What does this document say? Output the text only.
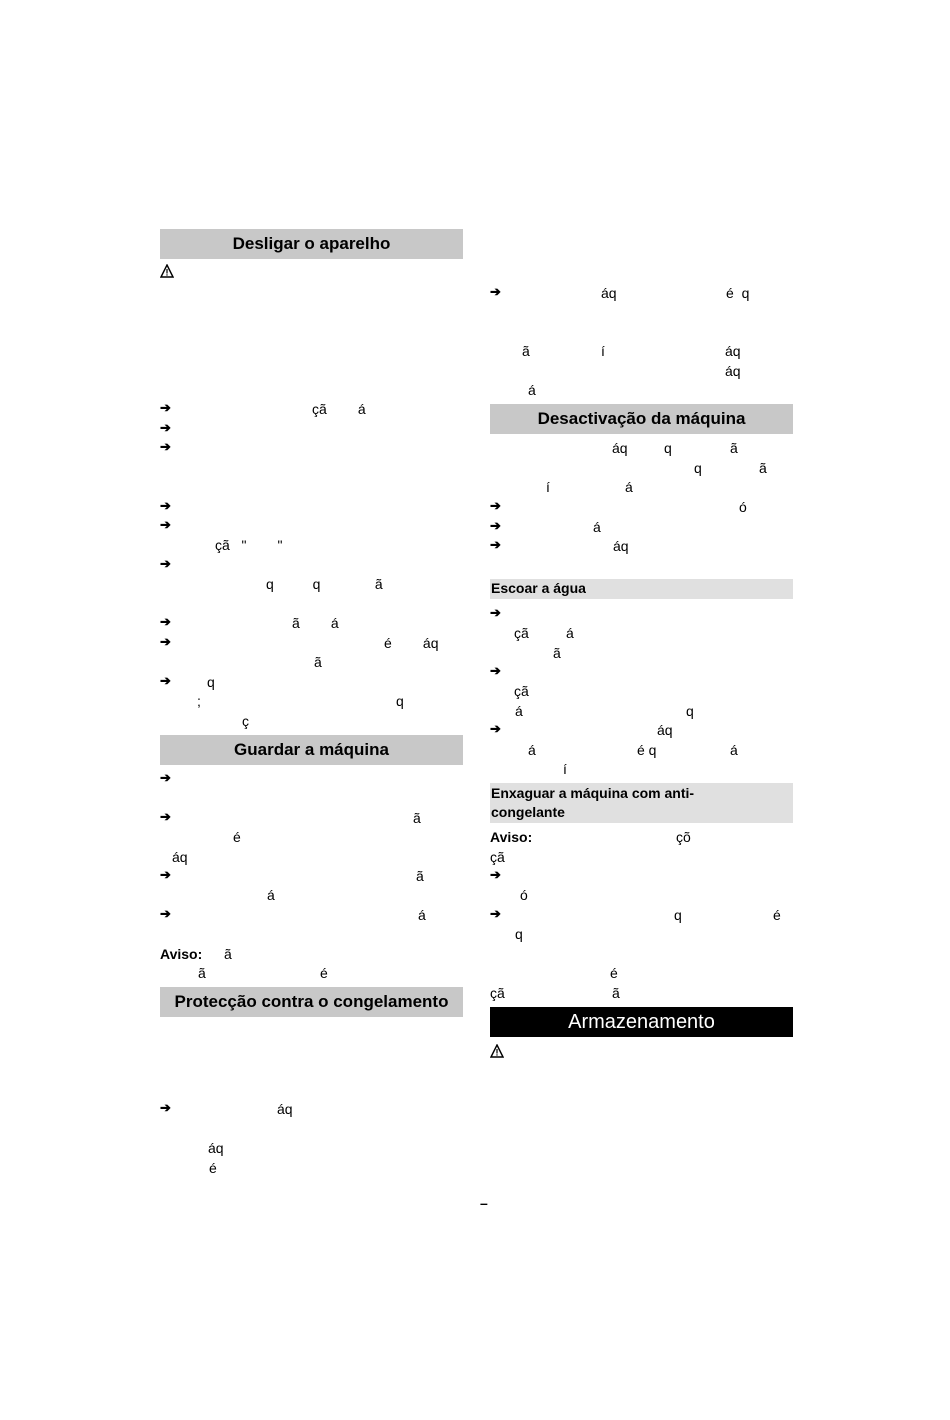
Desligar o aparelho
➔	çã        á
➔
➔
➔
➔
çã   "        "
➔
q          q              ã
➔	ã        á
➔	é        áq
ã
➔	q
;	q
ç
Guardar a máquina
➔
➔	ã
é
áq
➔	ã
á
➔	á
Aviso: ã
ã	é
Protecção contra o congelamento
➔	áq
áq
é
➔	áq	é  q
ã	í	áq
áq
á
Desactivação da máquina
áq	q	ã
q	ã
í	á
➔	ó
➔	á
➔	áq
Escoar a água
➔
çã	á
ã
➔
çã
á	q
➔	áq
á	é q	á
í
Enxaguar a máquina com anti-
congelante
Aviso:	çõ
çã
➔
ó
➔	q	é
q
é
çã	ã
Armazenamento
–
